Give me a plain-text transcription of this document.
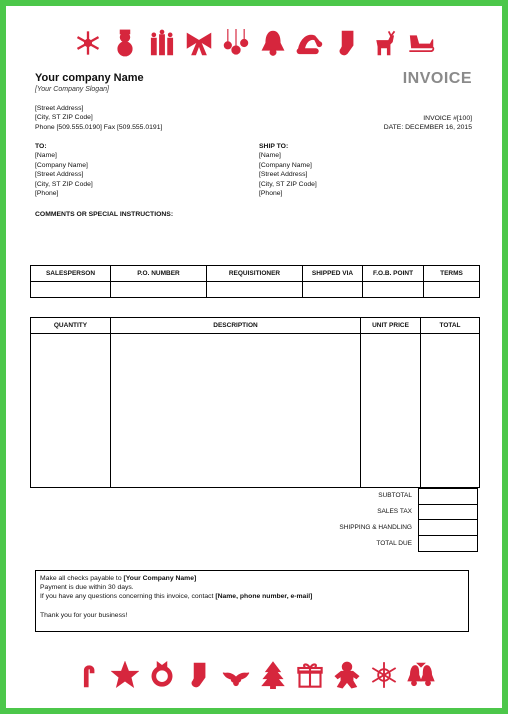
Your company Name
[Your Company Slogan]
INVOICE
[Street Address]
[City, ST ZIP Code]
Phone [509.555.0190] Fax [509.555.0191]
INVOICE #[100]
DATE: DECEMBER 16, 2015
TO:
[Name]
[Company Name]
[Street Address]
[City, ST ZIP Code]
[Phone]
SHIP TO:
[Name]
[Company Name]
[Street Address]
[City, ST ZIP Code]
[Phone]
COMMENTS OR SPECIAL INSTRUCTIONS:
SALESPERSON	P.O. NUMBER	REQUISITIONER	SHIPPED VIA	F.O.B. POINT	TERMS

QUANTITY	DESCRIPTION	UNIT PRICE	TOTAL

SUBTOTAL
SALES TAX
SHIPPING & HANDLING
TOTAL DUE

Make all checks payable to [Your Company Name]

Payment is due within 30 days.

If you have any questions concerning this invoice, contact [Name, phone number, e-mail]

Thank you for your business!
